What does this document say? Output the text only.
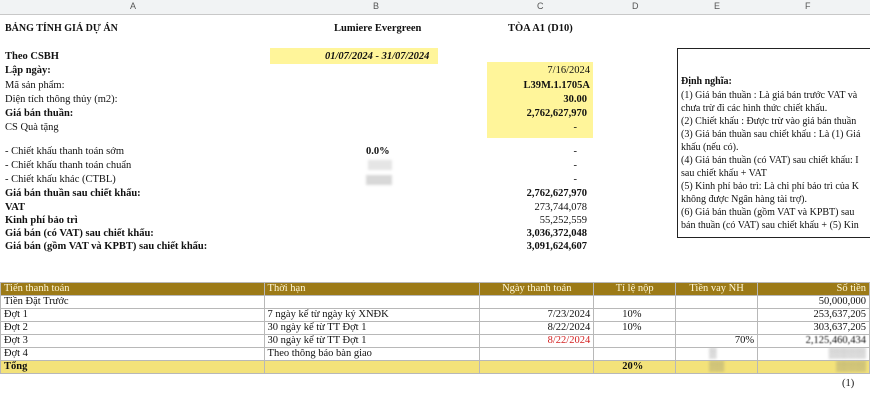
A	B	C	D	E	F
BẢNG TÍNH GIÁ DỰ ÁN	Lumiere Evergreen	TÒA A1 (D10)
Theo CSBH	01/07/2024 - 31/07/2024
Lập ngày:	7/16/2024
Mã sản phẩm:	L39M.1.1705A
Diện tích thông thủy (m2):	30.00
Giá bán thuần:	2,762,627,970
CS Quà tặng	-
- Chiết khấu thanh toán sớm	0.0%	-
- Chiết khấu thanh toán chuẩn	-
- Chiết khấu khác (CTBL)	-
Giá bán thuần sau chiết khấu:	2,762,627,970
VAT	273,744,078
Kinh phí bảo trì	55,252,559
Giá bán (có VAT) sau chiết khấu:	3,036,372,048
Giá bán (gồm VAT và KPBT) sau chiết khấu:	3,091,624,607
Định nghĩa:
(1) Giá bán thuần : Là giá bán trước VAT và
chưa trừ đi các hình thức chiết khấu.
(2) Chiết khấu : Được trừ vào giá bán thuần
(3) Giá bán thuần sau chiết khấu : Là (1) Giá
khấu (nếu có).
(4) Giá bán thuần (có VAT) sau chiết khấu: I
sau chiết khấu + VAT
(5) Kinh phí bảo trì: Là chi phí bảo trì của K
không được Ngân hàng tài trợ).
(6) Giá bán thuần (gồm VAT và KPBT) sau
bán thuần (có VAT) sau chiết khấu + (5) Kin
Tiến thanh toán	Thời hạn	Ngày thanh toán	Tỉ lệ nộp	Tiền vay NH	Số tiền
Tiền Đặt Trước					50,000,000
Đợt 1	7 ngày kể từ ngày ký XNĐK	7/23/2024	10%		253,637,205
Đợt 2	30 ngày kể từ TT Đợt 1	8/22/2024	10%		303,637,205
Đợt 3	30 ngày kể từ TT Đợt 1	8/22/2024		70%	2,125,460,434
Đợt 4	Theo thông báo bàn giao			▒	▒▒▒▒▒
Tổng			20%	▒▒	▒▒▒▒
(1)
